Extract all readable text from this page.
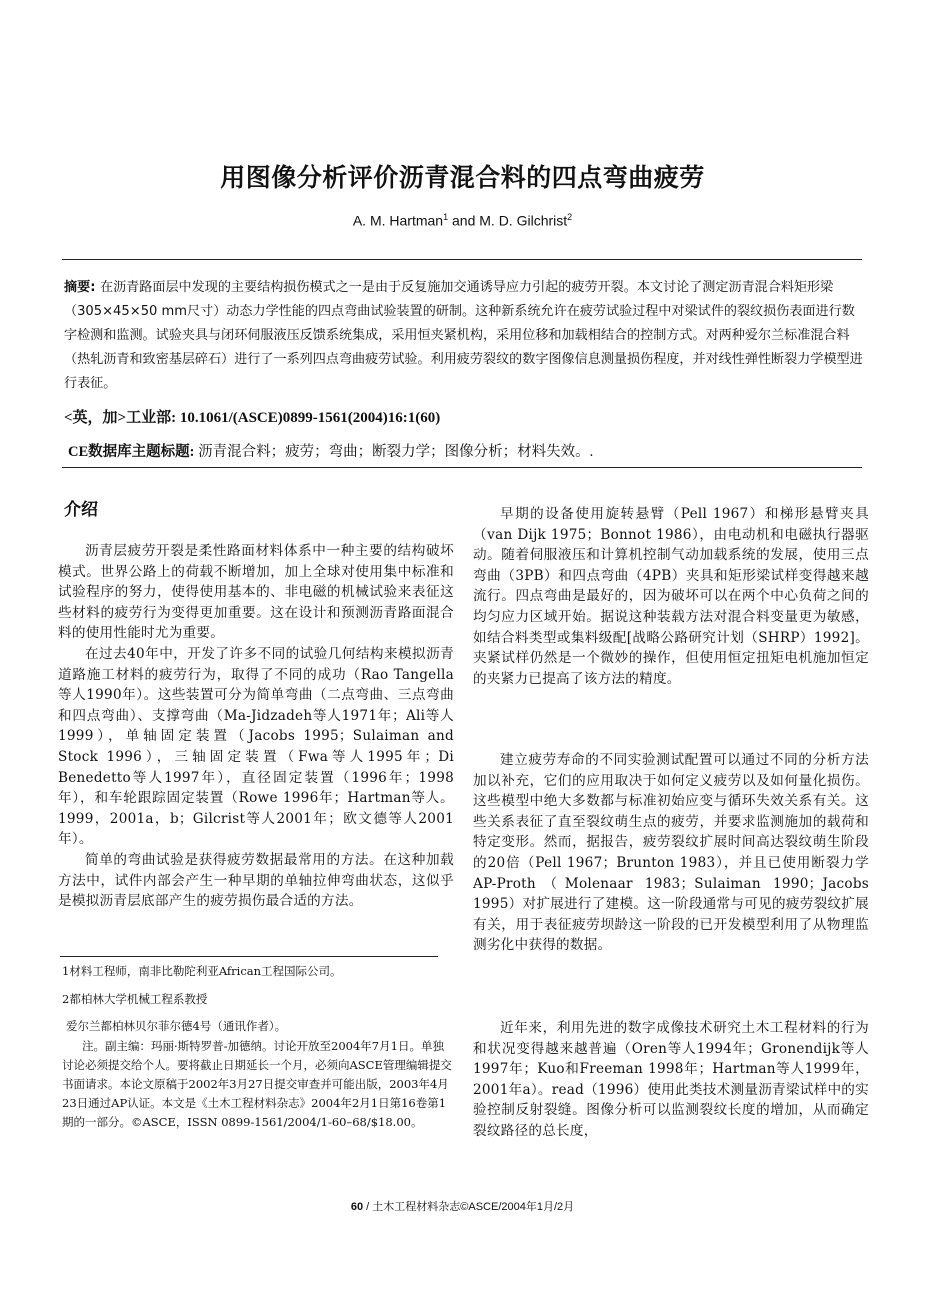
用图像分析评价沥青混合料的四点弯曲疲劳
A. M. Hartman$^1$ and M. D. Gilchrist$^2$
摘要: 在沥青路面层中发现的主要结构损伤模式之一是由于反复施加交通诱导应力引起的疲劳开裂。本文讨论了测定沥青混合料矩形梁（305×45×50 mm尺寸）动态力学性能的四点弯曲试验装置的研制。这种新系统允许在疲劳试验过程中对梁试件的裂纹损伤表面进行数字检测和监测。试验夹具与闭环伺服液压反馈系统集成，采用恒夹紧机构，采用位移和加载相结合的控制方式。对两种爱尔兰标准混合料（热轧沥青和致密基层碎石）进行了一系列四点弯曲疲劳试验。利用疲劳裂纹的数字图像信息测量损伤程度，并对线性弹性断裂力学模型进行表征。
<英，加>工业部: 10.1061/(ASCE)0899-1561(2004)16:1(60)
CE数据库主题标题: 沥青混合料；疲劳；弯曲；断裂力学；图像分析；材料失效。.
介绍

沥青层疲劳开裂是柔性路面材料体系中一种主要的结构破坏模式。世界公路上的荷载不断增加，加上全球对使用集中标准和试验程序的努力，使得使用基本的、非电磁的机械试验来表征这些材料的疲劳行为变得更加重要。这在设计和预测沥青路面混合料的使用性能时尤为重要。

在过去40年中，开发了许多不同的试验几何结构来模拟沥青道路施工材料的疲劳行为，取得了不同的成功（Rao Tangella等人1990年）。这些装置可分为简单弯曲（二点弯曲、三点弯曲和四点弯曲）、支撑弯曲（Ma-Jidzadeh等人1971年；Ali等人1999），单轴固定装置（Jacobs 1995；Sulaiman and Stock 1996），三轴固定装置（Fwa等人1995年；Di Benedetto等人1997年），直径固定装置（1996年；1998年），和车轮跟踪固定装置（Rowe 1996年；Hartman等人。1999，2001a，b；Gilcrist等人2001年；欧文德等人2001年）。

简单的弯曲试验是获得疲劳数据最常用的方法。在这种加载方法中，试件内部会产生一种早期的单轴拉伸弯曲状态，这似乎是模拟沥青层底部产生的疲劳损伤最合适的方法。

1材料工程师，南非比勒陀利亚African工程国际公司。
2都柏林大学机械工程系教授
爱尔兰都柏林贝尔菲尔德4号（通讯作者）。
注。副主编：玛丽·斯特罗普-加德纳。讨论开放至2004年7月1日。单独讨论必须提交给个人。要将截止日期延长一个月，必须向ASCE管理编辑提交书面请求。本论文原稿于2002年3月27日提交审查并可能出版，2003年4月23日通过AP认证。本文是《土木工程材料杂志》2004年2月1日第16卷第1期的一部分。©ASCE，ISSN 0899-1561/2004/1-60–68/$18.00。

早期的设备使用旋转悬臂（Pell 1967）和梯形悬臂夹具（van Dijk 1975；Bonnot 1986），由电动机和电磁执行器驱动。随着伺服液压和计算机控制气动加载系统的发展，使用三点弯曲（3PB）和四点弯曲（4PB）夹具和矩形梁试样变得越来越流行。四点弯曲是最好的，因为破坏可以在两个中心负荷之间的均匀应力区域开始。据说这种装载方法对混合料变量更为敏感，如结合料类型或集料级配[战略公路研究计划（SHRP）1992]。夹紧试样仍然是一个微妙的操作，但使用恒定扭矩电机施加恒定的夹紧力已提高了该方法的精度。

建立疲劳寿命的不同实验测试配置可以通过不同的分析方法加以补充，它们的应用取决于如何定义疲劳以及如何量化损伤。这些模型中绝大多数都与标准初始应变与循环失效关系有关。这些关系表征了直至裂纹萌生点的疲劳，并要求监测施加的载荷和特定变形。然而，据报告，疲劳裂纹扩展时间高达裂纹萌生阶段的20倍（Pell 1967；Brunton 1983），并且已使用断裂力学AP-Proth（Molenaar 1983；Sulaiman 1990；Jacobs 1995）对扩展进行了建模。这一阶段通常与可见的疲劳裂纹扩展有关，用于表征疲劳坝龄这一阶段的已开发模型利用了从物理监测劣化中获得的数据。

近年来，利用先进的数字成像技术研究土木工程材料的行为和状况变得越来越普遍（Oren等人1994年；Gronendijk等人1997年；Kuo和Freeman 1998年；Hartman等人1999年，2001年a）。read（1996）使用此类技术测量沥青梁试样中的实验控制反射裂缝。图像分析可以监测裂纹长度的增加，从而确定裂纹路径的总长度，

60 / 土木工程材料杂志©ASCE/2004年1月/2月
